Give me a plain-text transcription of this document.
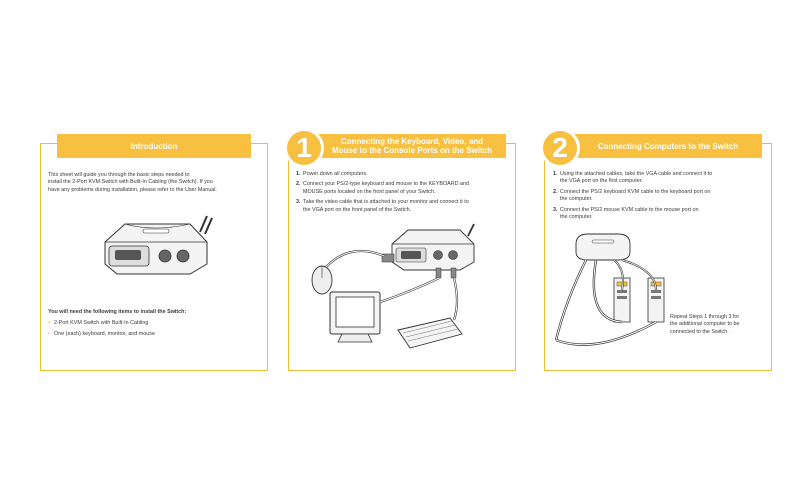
Introduction
This sheet will guide you through the basic steps needed to
install the 2-Port KVM Switch with Built-In Cabling (the Switch). If you
have any problems during installation, please refer to the User Manual.
You will need the following items to install the Switch:
• 2-Port KVM Switch with Built-In Cabling
• One (each) keyboard, monitor, and mouse
Connecting the Keyboard, Video, and
Mouse to the Console Ports on the Switch
1
1. Power down all computers.
2. Connect your PS/2-type keyboard and mouse to the KEYBOARD and
MOUSE ports located on the front panel of your Switch.
3. Take the video cable that is attached to your monitor and connect it to
the VGA port on the front panel of the Switch.
Connecting Computers to the Switch
2
1. Using the attached cables, take the VGA cable and connect it to
the VGA port on the first computer.
2. Connect the PS/2 keyboard KVM cable to the keyboard port on
the computer.
3. Connect the PS/2 mouse KVM cable to the mouse port on
the computer.
Repeat Steps 1 through 3 for
the additional computer to be
connected to the Switch.
